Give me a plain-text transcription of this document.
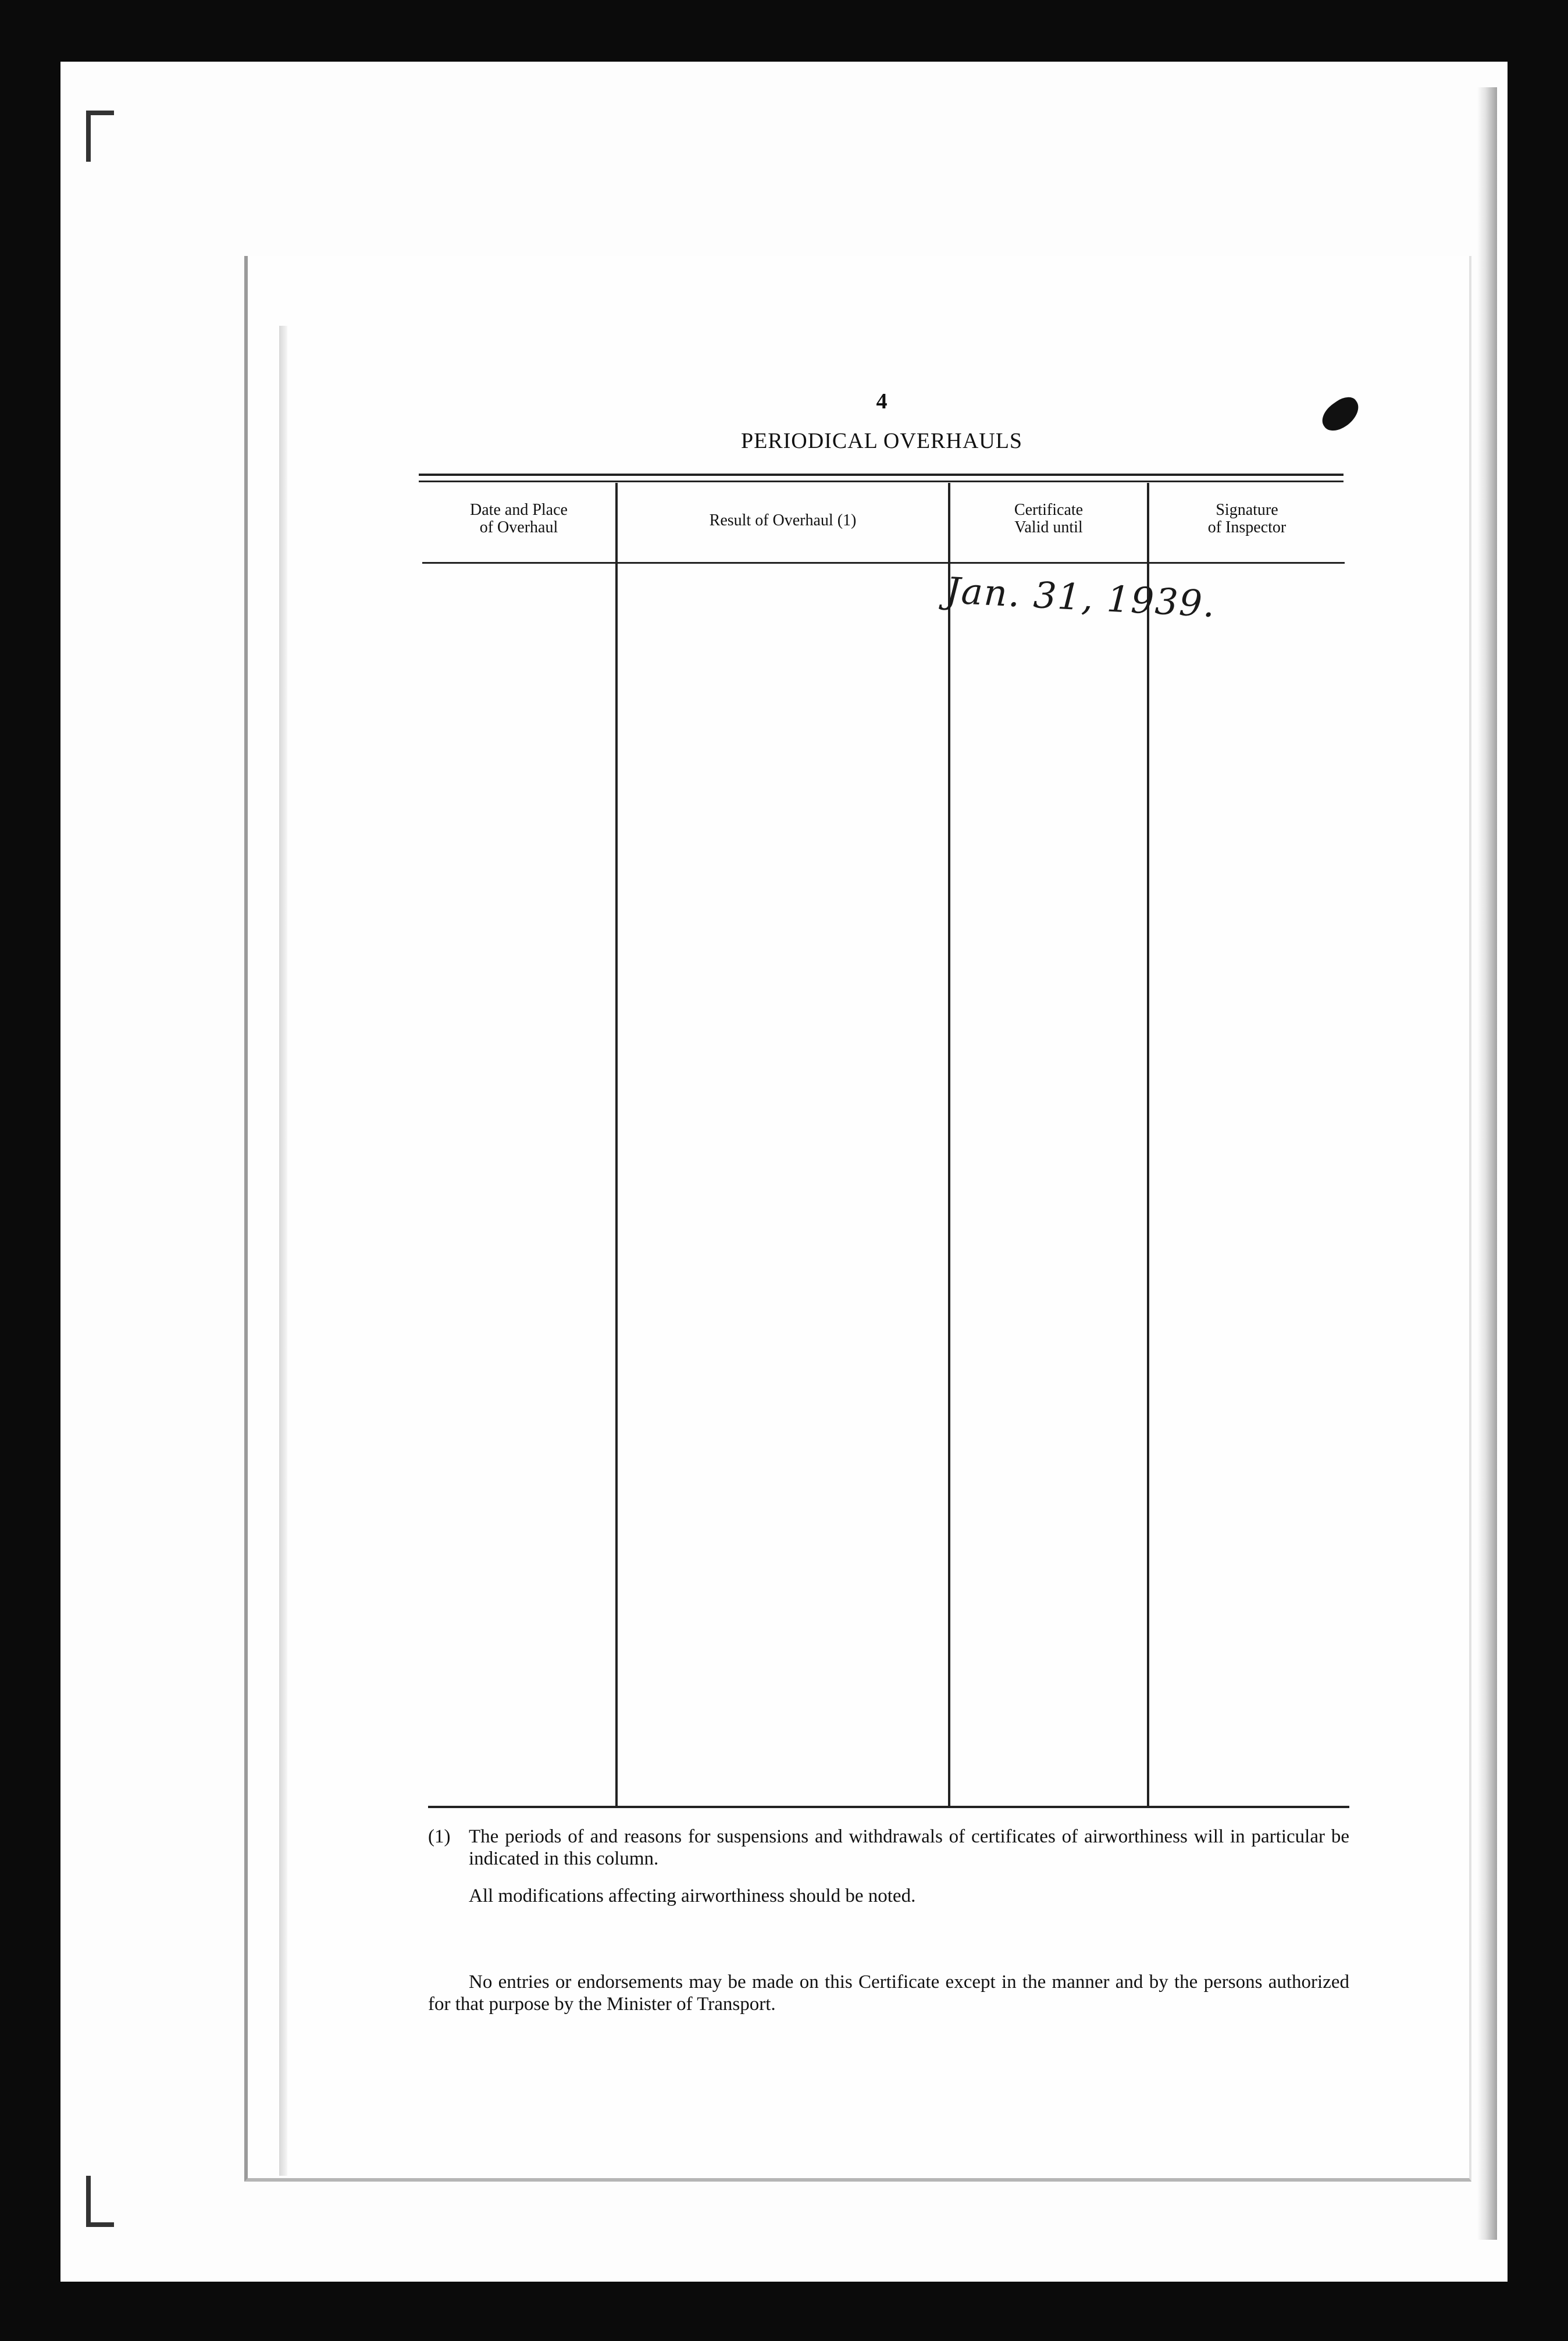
4
PERIODICAL OVERHAULS
Date and Place
of Overhaul	Result of Overhaul (1)
Certificate
Valid until
Signature
of Inspector
Jan. 31, 1939.
(1) The periods of and reasons for suspensions and withdrawals of certificates of airworthiness will in particular be indicated in this column.
All modifications affecting airworthiness should be noted.
No entries or endorsements may be made on this Certificate except in the manner and by the persons authorized for that purpose by the Minister of Transport.
